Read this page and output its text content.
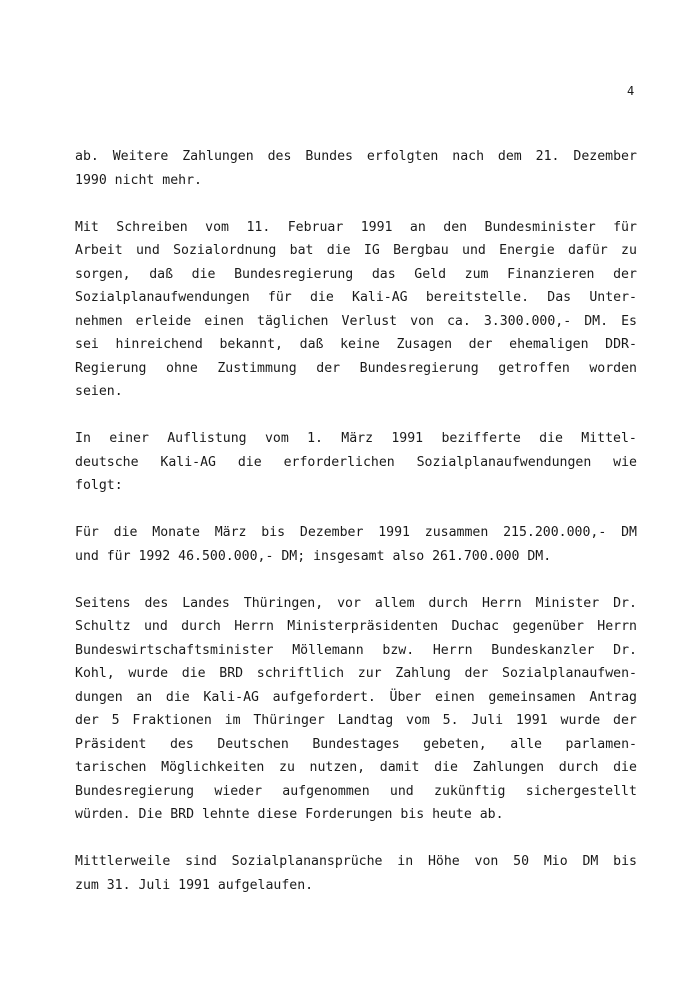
4
ab. Weitere Zahlungen des Bundes erfolgten nach dem 21. Dezember
1990 nicht mehr.
Mit Schreiben vom 11. Februar 1991 an den Bundesminister für
Arbeit und Sozialordnung bat die IG Bergbau und Energie dafür zu
sorgen, daß die Bundesregierung das Geld zum Finanzieren der
Sozialplanaufwendungen für die Kali-AG bereitstelle. Das Unter-
nehmen erleide einen täglichen Verlust von ca. 3.300.000,- DM. Es
sei hinreichend bekannt, daß keine Zusagen der ehemaligen DDR-
Regierung ohne Zustimmung der Bundesregierung getroffen worden
seien.
In einer Auflistung vom 1. März 1991 bezifferte die Mittel-
deutsche Kali-AG die erforderlichen Sozialplanaufwendungen wie
folgt:
Für die Monate März bis Dezember 1991 zusammen 215.200.000,- DM
und für 1992 46.500.000,- DM; insgesamt also 261.700.000 DM.
Seitens des Landes Thüringen, vor allem durch Herrn Minister Dr.
Schultz und durch Herrn Ministerpräsidenten Duchac gegenüber Herrn
Bundeswirtschaftsminister Möllemann bzw. Herrn Bundeskanzler Dr.
Kohl, wurde die BRD schriftlich zur Zahlung der Sozialplanaufwen-
dungen an die Kali-AG aufgefordert. Über einen gemeinsamen Antrag
der 5 Fraktionen im Thüringer Landtag vom 5. Juli 1991 wurde der
Präsident des Deutschen Bundestages gebeten, alle parlamen-
tarischen Möglichkeiten zu nutzen, damit die Zahlungen durch die
Bundesregierung wieder aufgenommen und zukünftig sichergestellt
würden. Die BRD lehnte diese Forderungen bis heute ab.
Mittlerweile sind Sozialplanansprüche in Höhe von 50 Mio DM bis
zum 31. Juli 1991 aufgelaufen.
